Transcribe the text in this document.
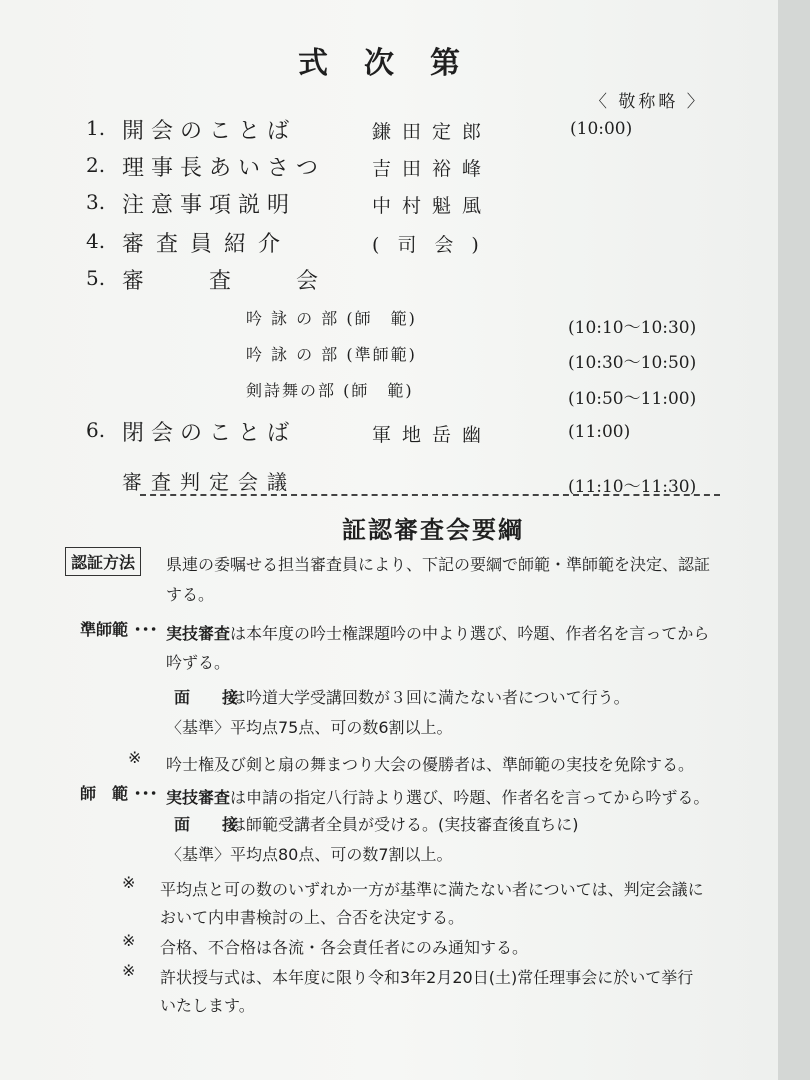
式次第
〈 敬称略 〉
1. 開会のことば	鎌田定郎	(10:00)
2. 理事長あいさつ 吉田裕峰
3. 注意事項説明	中村魁風
4. 審査員紹介	(司会)
5. 審　　査　　会
吟 詠 の 部 (師　範)	(10:10～10:30)
吟 詠 の 部 (準師範)	(10:30～10:50)
剣詩舞の部 (師　範)	(10:50～11:00)
6. 閉会のことば	軍地岳幽	(11:00)
審査判定会議	(11:10～11:30)
証認審査会要綱
認証方法	県連の委嘱せる担当審査員により、下記の要綱で師範・準師範を決定、認証
する。
準師範 ･･･ 実技審査は本年度の吟士権課題吟の中より選び、吟題、作者名を言ってから
吟ずる。
面　　接は吟道大学受講回数が３回に満たない者について行う。
〈基準〉平均点75点、可の数6割以上。
※ 吟士権及び剣と扇の舞まつり大会の優勝者は、準師範の実技を免除する。
師　範 ･･･ 実技審査は申請の指定八行詩より選び、吟題、作者名を言ってから吟ずる。
面　　接は師範受講者全員が受ける。(実技審査後直ちに)
〈基準〉平均点80点、可の数7割以上。
※ 平均点と可の数のいずれか一方が基準に満たない者については、判定会議に
おいて内申書検討の上、合否を決定する。
※ 合格、不合格は各流・各会責任者にのみ通知する。
※ 許状授与式は、本年度に限り令和3年2月20日(土)常任理事会に於いて挙行
いたします。
